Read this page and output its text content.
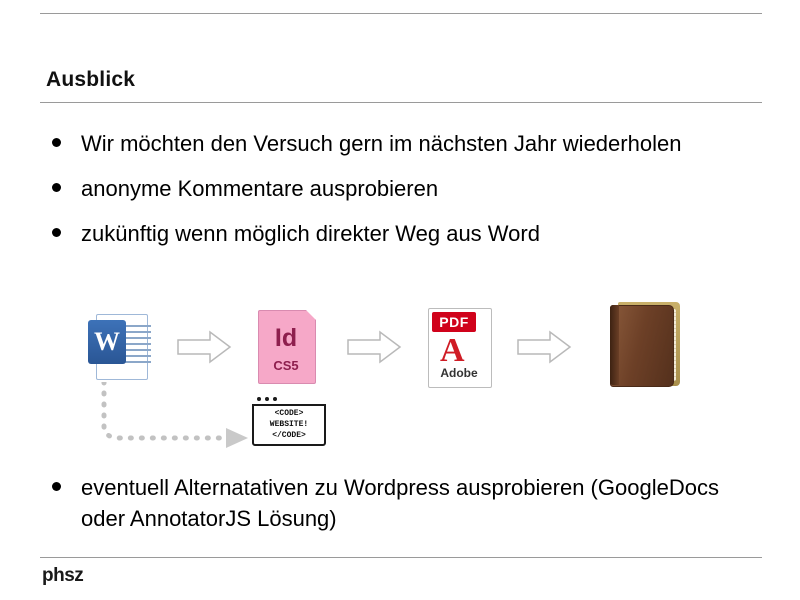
Ausblick
Wir möchten den Versuch gern im nächsten Jahr wiederholen
anonyme Kommentare ausprobieren
zukünftig wenn möglich direkter Weg aus Word
W	Id
CS5
PDF
A
Adobe
<CODE>
WEBSITE!
</CODE>
eventuell Alternatativen zu Wordpress ausprobieren (GoogleDocs oder AnnotatorJS Lösung)
phsz
